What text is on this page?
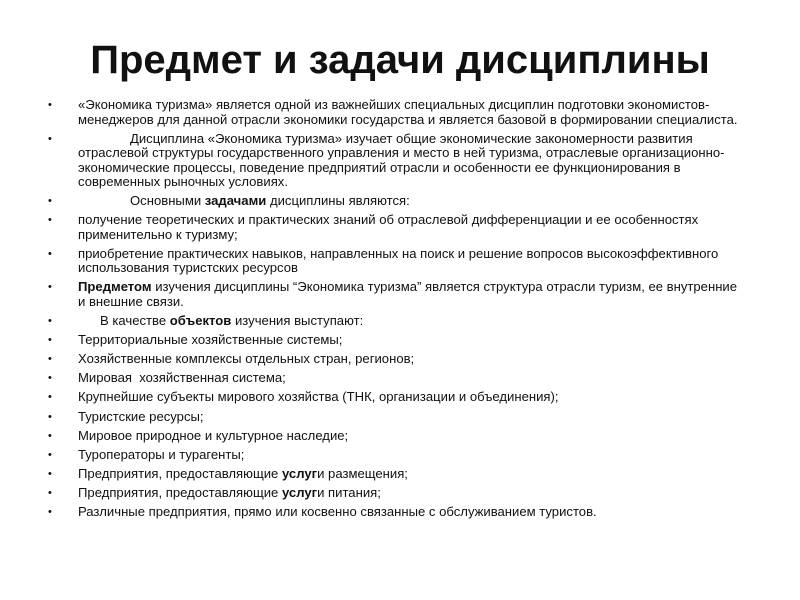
Предмет и задачи дисциплины
•	«Экономика туризма» является одной из важнейших специальных дисциплин подготовки экономистов-менеджеров для данной отрасли экономики государства и является базовой в формировании специалиста.
•	Дисциплина «Экономика туризма» изучает общие экономические закономерности развития отраслевой структуры государственного управления и место в ней туризма, отраслевые организационно-экономические процессы, поведение предприятий отрасли и особенности ее функционирования в современных рыночных условиях.
•	Основными задачами дисциплины являются:
•	получение теоретических и практических знаний об отраслевой дифференциации и ее особенностях применительно к туризму;
•	приобретение практических навыков, направленных на поиск и решение вопросов высокоэффективного использования туристских ресурсов
•	Предметом изучения дисциплины “Экономика туризма” является структура отрасли туризм, ее внутренние и внешние связи.
•	В качестве объектов изучения выступают:
•	Территориальные хозяйственные системы;
•	Хозяйственные комплексы отдельных стран, регионов;
•	Мировая  хозяйственная система;
•	Крупнейшие субъекты мирового хозяйства (ТНК, организации и объединения);
•	Туристские ресурсы;
•	Мировое природное и культурное наследие;
•	Туроператоры и турагенты;
•	Предприятия, предоставляющие услуги размещения;
•	Предприятия, предоставляющие услуги питания;
•	Различные предприятия, прямо или косвенно связанные с обслуживанием туристов.
